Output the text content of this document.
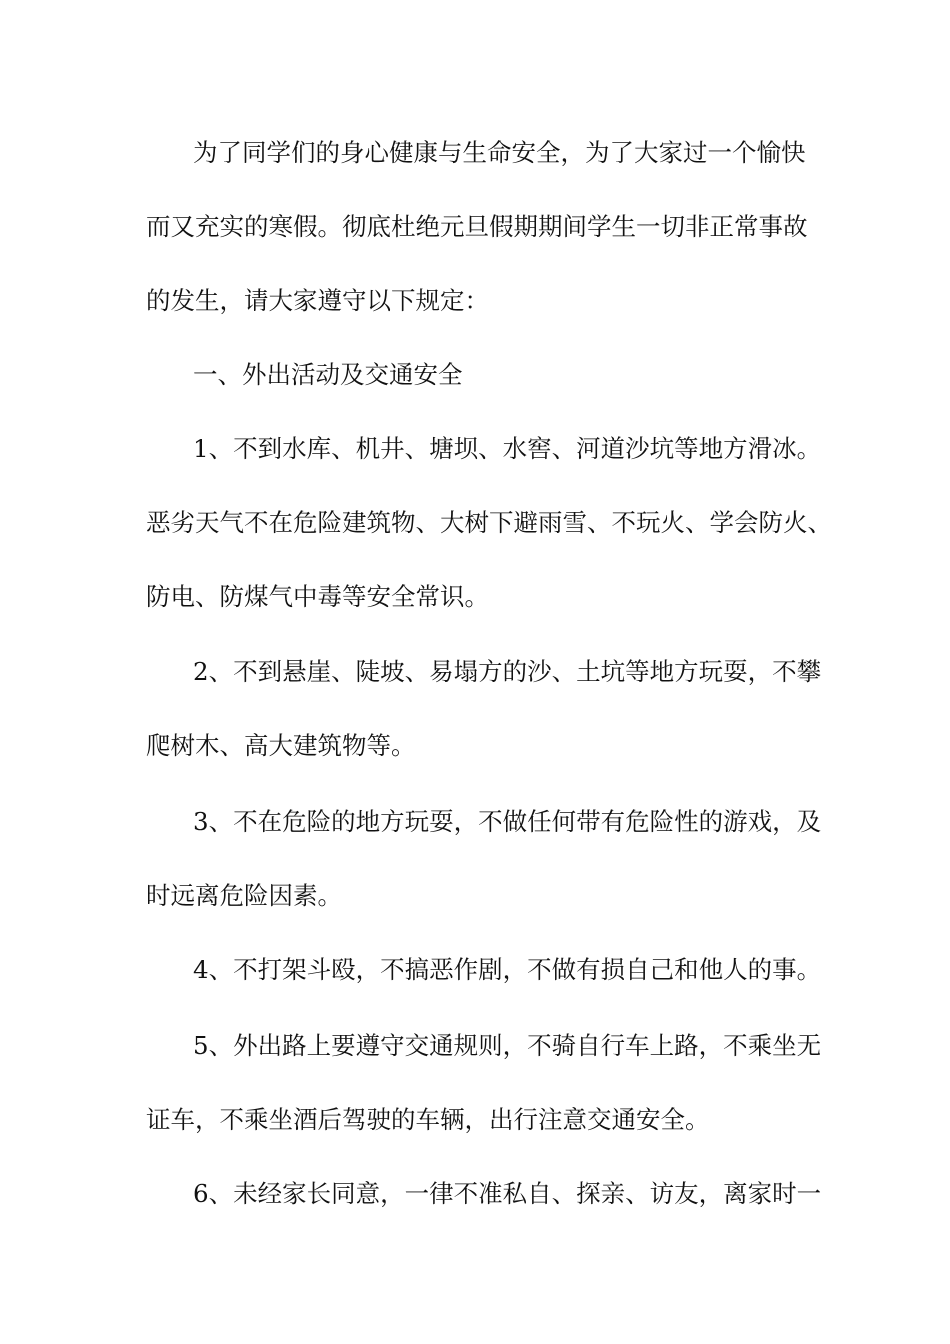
为了同学们的身心健康与生命安全，为了大家过一个愉快
而又充实的寒假。彻底杜绝元旦假期期间学生一切非正常事故
的发生，请大家遵守以下规定：
一、外出活动及交通安全
1、不到水库、机井、塘坝、水窖、河道沙坑等地方滑冰。
恶劣天气不在危险建筑物、大树下避雨雪、不玩火、学会防火、
防电、防煤气中毒等安全常识。
2、不到悬崖、陡坡、易塌方的沙、土坑等地方玩耍，不攀
爬树木、高大建筑物等。
3、不在危险的地方玩耍，不做任何带有危险性的游戏，及
时远离危险因素。
4、不打架斗殴，不搞恶作剧，不做有损自己和他人的事。
5、外出路上要遵守交通规则，不骑自行车上路，不乘坐无
证车，不乘坐酒后驾驶的车辆，出行注意交通安全。
6、未经家长同意，一律不准私自、探亲、访友，离家时一
